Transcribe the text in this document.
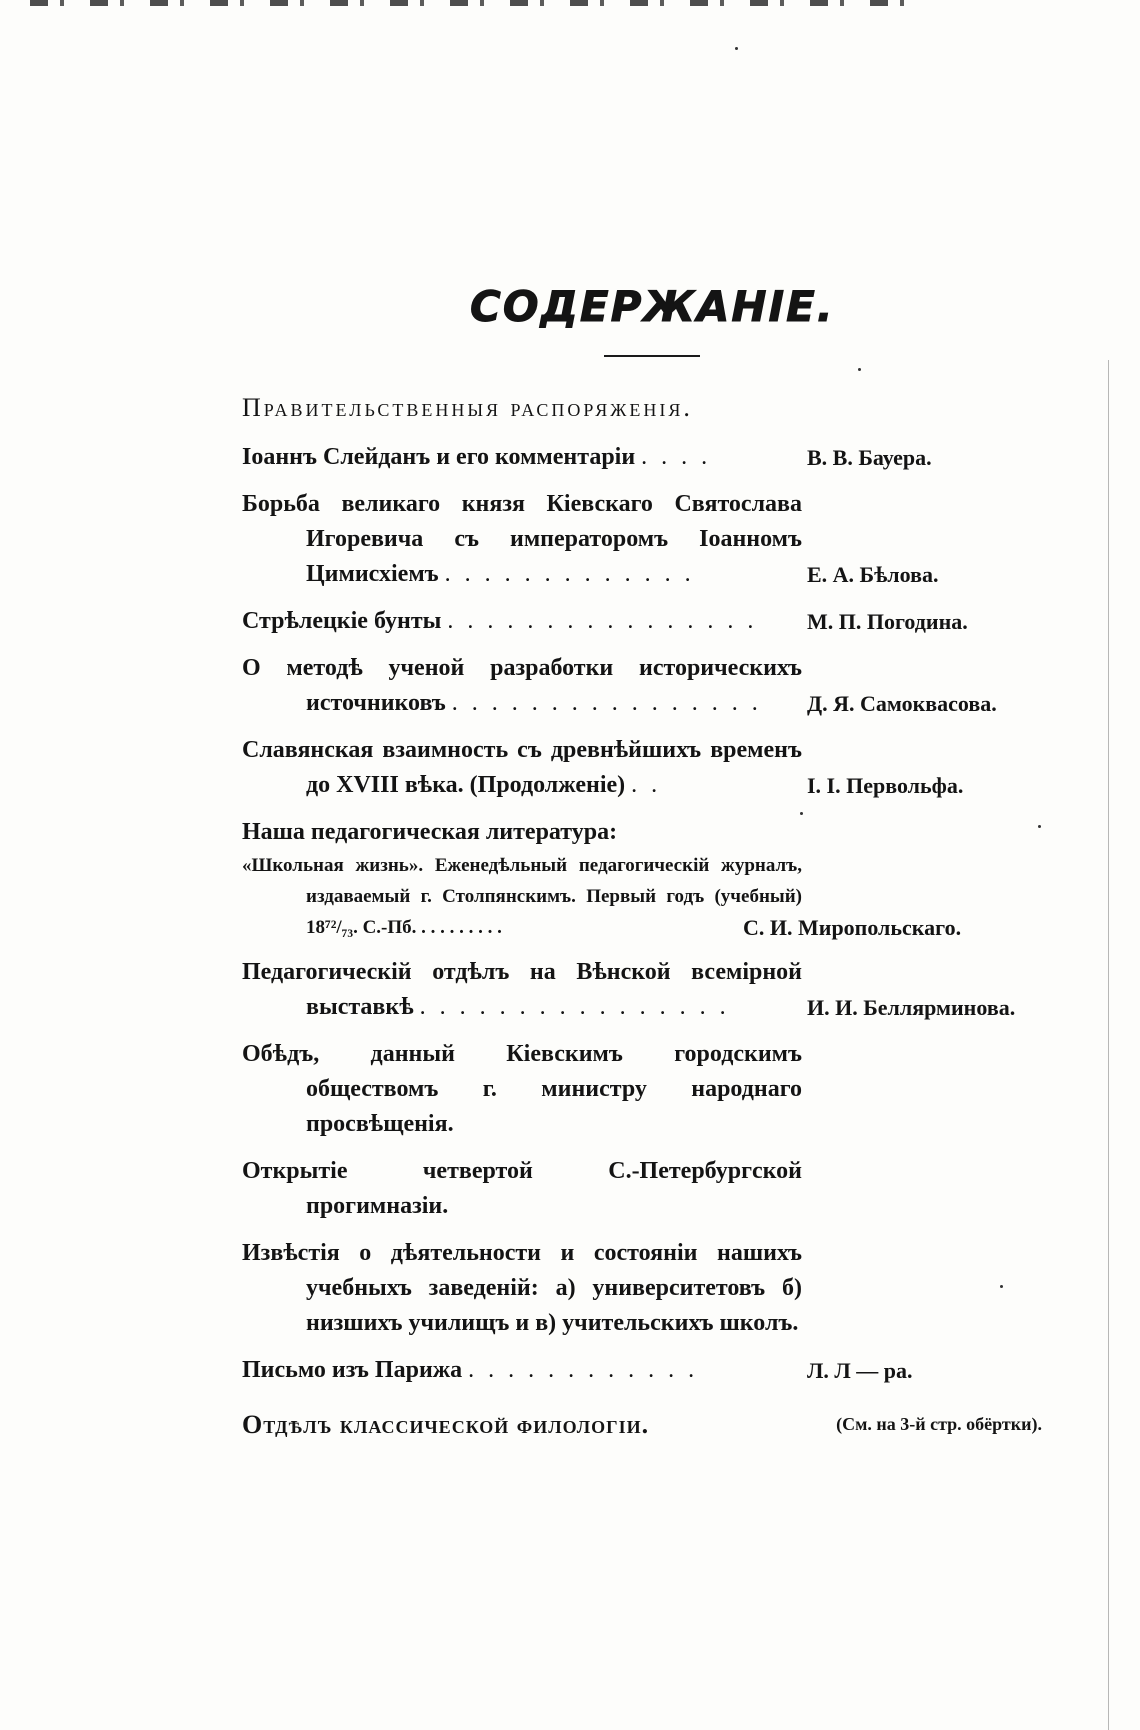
СОДЕРЖАНІЕ.
Правительственныя распоряженія.
Іоаннъ Слейданъ и его комментаріи . . . .	В. В. Бауера.
Борьба великаго князя Кіевскаго Святослава Игоревича съ императоромъ Іоанномъ Цимисхіемъ . . . . . . . . . . . . .	Е. А. Бѣлова.
Стрѣлецкіе бунты . . . . . . . . . . . . . . . .	М. П. Погодина.
О методѣ ученой разработки историческихъ источниковъ . . . . . . . . . . . . . . . .	Д. Я. Самоквасова.
Славянская взаимность съ древнѣйшихъ временъ до XVIII вѣка. (Продолженіе) . .	І. І. Первольфа.
Наша педагогическая литература:
«Школьная жизнь». Еженедѣльный педагогическій журналъ, издаваемый г. Столпянскимъ. Первый годъ (учебный) 18⁷²/₇₃. С.-Пб. . . . . . . . . .	С. И. Миропольскаго.
Педагогическій отдѣлъ на Вѣнской всемірной выставкѣ . . . . . . . . . . . . . . . .	И. И. Беллярминова.
Обѣдъ, данный Кіевскимъ городскимъ обществомъ г. министру народнаго просвѣщенія.
Открытіе четвертой С.-Петербургской прогимназіи.
Извѣстія о дѣятельности и состояніи нашихъ учебныхъ заведеній: а) университетовъ б) низшихъ училищъ и в) учительскихъ школъ.
Письмо изъ Парижа . . . . . . . . . . . .	Л. Л — ра.
Отдѣлъ классической филологіи.	(См. на 3-й стр. обёртки).
